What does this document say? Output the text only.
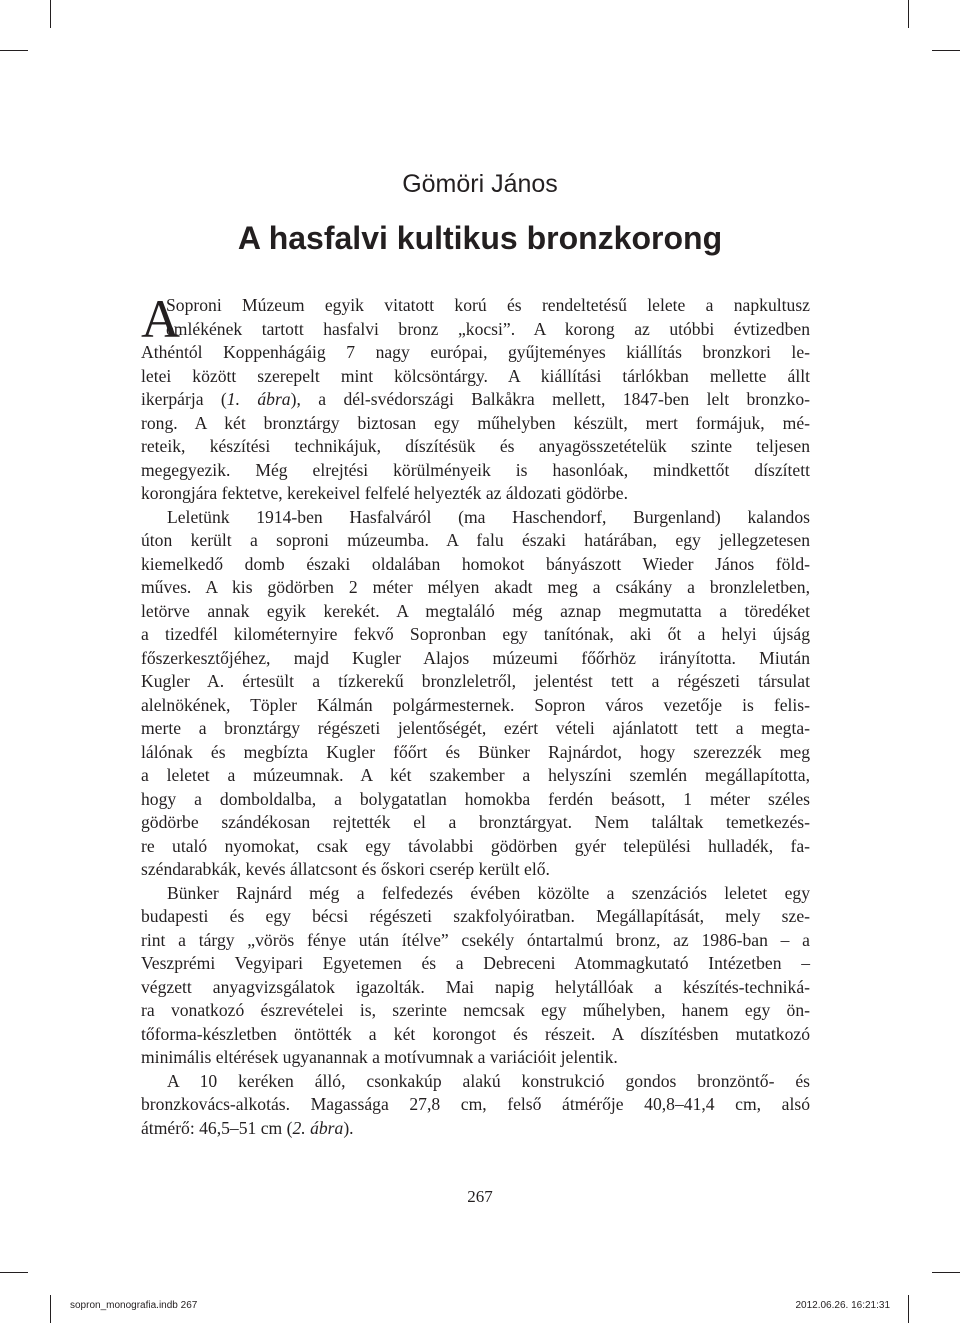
Gömöri János
A hasfalvi kultikus bronzkorong
A
Soproni Múzeum egyik vitatott korú és rendeltetésű lelete a napkultusz
emlékének tartott hasfalvi bronz „kocsi”. A korong az utóbbi évtizedben
Athéntól Koppenhágáig 7 nagy európai, gyűjteményes kiállítás bronzkori le-
letei között szerepelt mint kölcsöntárgy. A kiállítási tárlókban mellette állt
ikerpárja (1. ábra), a dél-svédországi Balkåkra mellett, 1847-ben lelt bronzko-
rong. A két bronztárgy biztosan egy műhelyben készült, mert formájuk, mé-
reteik, készítési technikájuk, díszítésük és anyagösszetételük szinte teljesen
megegyezik. Még elrejtési körülményeik is hasonlóak, mindkettőt díszített
korongjára fektetve, kerekeivel felfelé helyezték az áldozati gödörbe.
Leletünk 1914-ben Hasfalváról (ma Haschendorf, Burgenland) kalandos
úton került a soproni múzeumba. A falu északi határában, egy jellegzetesen
kiemelkedő domb északi oldalában homokot bányászott Wieder János föld-
műves. A kis gödörben 2 méter mélyen akadt meg a csákány a bronzleletben,
letörve annak egyik kerekét. A megtaláló még aznap megmutatta a töredéket
a tizedfél kilométernyire fekvő Sopronban egy tanítónak, aki őt a helyi újság
főszerkesztőjéhez, majd Kugler Alajos múzeumi főőrhöz irányította. Miután
Kugler A. értesült a tízkerekű bronzleletről, jelentést tett a régészeti társulat
alelnökének, Töpler Kálmán polgármesternek. Sopron város vezetője is felis-
merte a bronztárgy régészeti jelentőségét, ezért vételi ajánlatott tett a megta-
lálónak és megbízta Kugler főőrt és Bünker Rajnárdot, hogy szerezzék meg
a leletet a múzeumnak. A két szakember a helyszíni szemlén megállapította,
hogy a domboldalba, a bolygatatlan homokba ferdén beásott, 1 méter széles
gödörbe szándékosan rejtették el a bronztárgyat. Nem találtak temetkezés-
re utaló nyomokat, csak egy távolabbi gödörben gyér települési hulladék, fa-
széndarabkák, kevés állatcsont és őskori cserép került elő.
Bünker Rajnárd még a felfedezés évében közölte a szenzációs leletet egy
budapesti és egy bécsi régészeti szakfolyóiratban. Megállapítását, mely sze-
rint a tárgy „vörös fénye után ítélve” csekély óntartalmú bronz, az 1986-ban – a
Veszprémi Vegyipari Egyetemen és a Debreceni Atommagkutató Intézetben –
végzett anyagvizsgálatok igazolták. Mai napig helytállóak a készítés-techniká-
ra vonatkozó észrevételei is, szerinte nemcsak egy műhelyben, hanem egy ön-
tőforma-készletben öntötték a két korongot és részeit. A díszítésben mutatkozó
minimális eltérések ugyanannak a motívumnak a variációit jelentik.
A 10 keréken álló, csonkakúp alakú konstrukció gondos bronzöntő- és
bronzkovács-alkotás. Magassága 27,8 cm, felső átmérője 40,8–41,4 cm, alsó
átmérő: 46,5–51 cm (2. ábra).
267
sopron_monografia.indb 267	2012.06.26. 16:21:31
